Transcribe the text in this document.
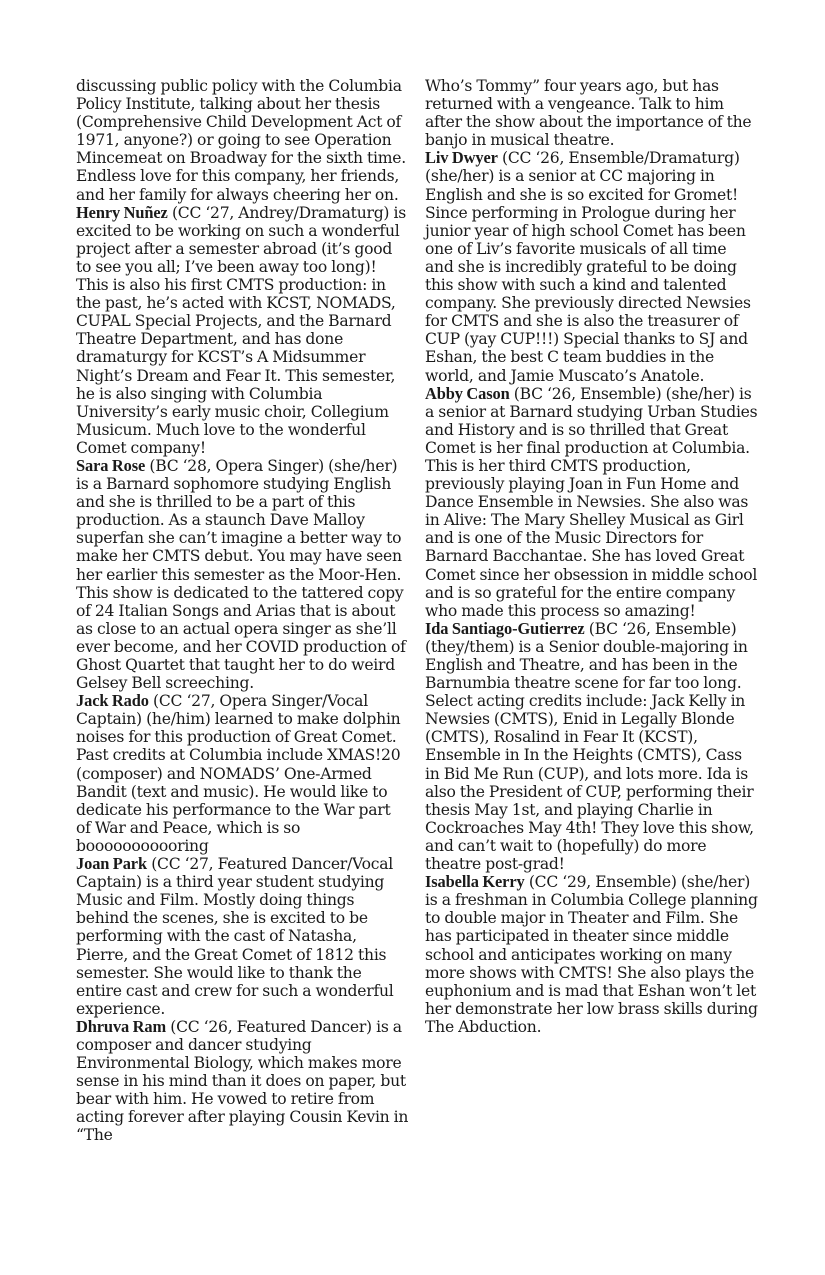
discussing public policy with the Columbia Policy Institute, talking about her thesis (Comprehensive Child Development Act of 1971, anyone?) or going to see Operation Mincemeat on Broadway for the sixth time. Endless love for this company, her friends, and her family for always cheering her on.

Henry Nuñez (CC ‘27, Andrey/Dramaturg) is excited to be working on such a wonderful project after a semester abroad (it’s good to see you all; I’ve been away too long)! This is also his first CMTS production: in the past, he’s acted with KCST, NOMADS, CUPAL Special Projects, and the Barnard Theatre Department, and has done dramaturgy for KCST’s A Midsummer Night’s Dream and Fear It. This semester, he is also singing with Columbia University’s early music choir, Collegium Musicum. Much love to the wonderful Comet company!

Sara Rose (BC ‘28, Opera Singer) (she/her) is a Barnard sophomore studying English and she is thrilled to be a part of this production. As a staunch Dave Malloy superfan she can’t imagine a better way to make her CMTS debut. You may have seen her earlier this semester as the Moor-Hen. This show is dedicated to the tattered copy of 24 Italian Songs and Arias that is about as close to an actual opera singer as she’ll ever become, and her COVID production of Ghost Quartet that taught her to do weird Gelsey Bell screeching.

Jack Rado (CC ‘27, Opera Singer/Vocal Captain) (he/him) learned to make dolphin noises for this production of Great Comet. Past credits at Columbia include XMAS!20 (composer) and NOMADS’ One-Armed Bandit (text and music). He would like to dedicate his performance to the War part of War and Peace, which is so booooooooooring

Joan Park (CC ‘27, Featured Dancer/Vocal Captain) is a third year student studying Music and Film. Mostly doing things behind the scenes, she is excited to be performing with the cast of Natasha, Pierre, and the Great Comet of 1812 this semester. She would like to thank the entire cast and crew for such a wonderful experience.

Dhruva Ram (CC ‘26, Featured Dancer) is a composer and dancer studying Environmental Biology, which makes more sense in his mind than it does on paper, but bear with him. He vowed to retire from acting forever after playing Cousin Kevin in “The

Who’s Tommy” four years ago, but has returned with a vengeance. Talk to him after the show about the importance of the banjo in musical theatre.

Liv Dwyer (CC ‘26, Ensemble/Dramaturg) (she/her) is a senior at CC majoring in English and she is so excited for Gromet! Since performing in Prologue during her junior year of high school Comet has been one of Liv’s favorite musicals of all time and she is incredibly grateful to be doing this show with such a kind and talented company. She previously directed Newsies for CMTS and she is also the treasurer of CUP (yay CUP!!!) Special thanks to SJ and Eshan, the best C team buddies in the world, and Jamie Muscato’s Anatole.

Abby Cason (BC ‘26, Ensemble) (she/her) is a senior at Barnard studying Urban Studies and History and is so thrilled that Great Comet is her final production at Columbia. This is her third CMTS production, previously playing Joan in Fun Home and Dance Ensemble in Newsies. She also was in Alive: The Mary Shelley Musical as Girl and is one of the Music Directors for Barnard Bacchantae. She has loved Great Comet since her obsession in middle school and is so grateful for the entire company who made this process so amazing!

Ida Santiago-Gutierrez (BC ‘26, Ensemble) (they/them) is a Senior double-majoring in English and Theatre, and has been in the Barnumbia theatre scene for far too long. Select acting credits include: Jack Kelly in Newsies (CMTS), Enid in Legally Blonde (CMTS), Rosalind in Fear It (KCST), Ensemble in In the Heights (CMTS), Cass in Bid Me Run (CUP), and lots more. Ida is also the President of CUP, performing their thesis May 1st, and playing Charlie in Cockroaches May 4th! They love this show, and can’t wait to (hopefully) do more theatre post-grad!

Isabella Kerry (CC ‘29, Ensemble) (she/her) is a freshman in Columbia College planning to double major in Theater and Film. She has participated in theater since middle school and anticipates working on many more shows with CMTS! She also plays the euphonium and is mad that Eshan won’t let her demonstrate her low brass skills during The Abduction.
